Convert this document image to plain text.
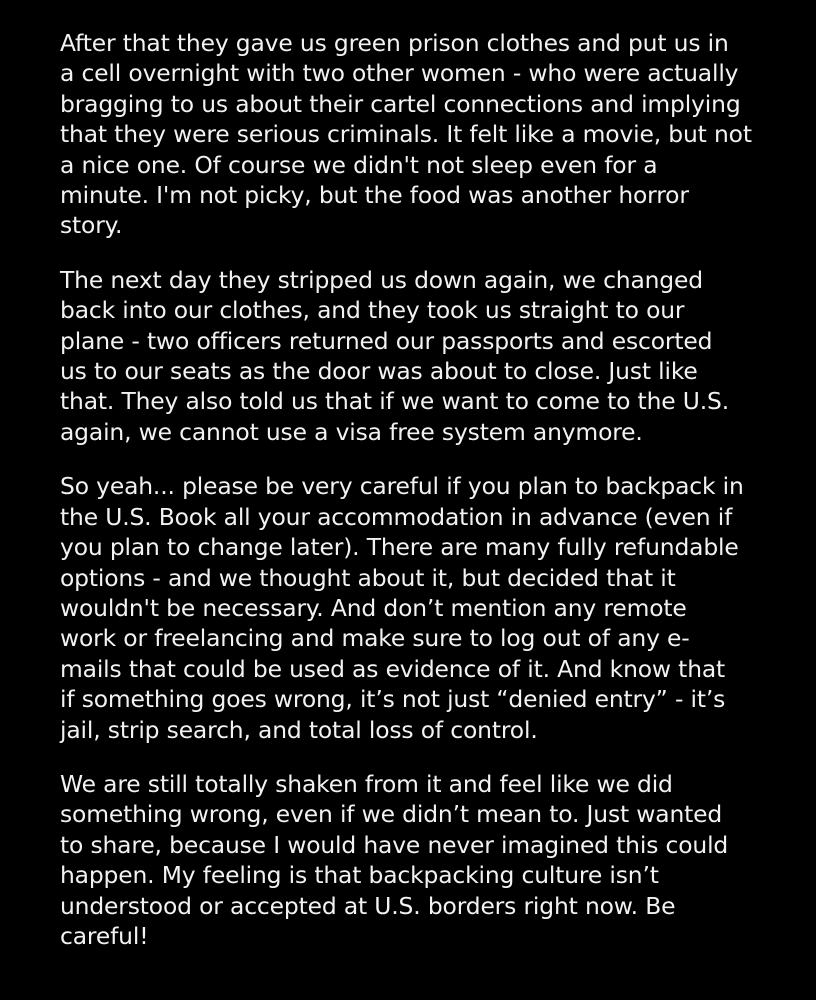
After that they gave us green prison clothes and put us in
a cell overnight with two other women - who were actually
bragging to us about their cartel connections and implying
that they were serious criminals. It felt like a movie, but not
a nice one. Of course we didn't not sleep even for a
minute. I'm not picky, but the food was another horror
story.
The next day they stripped us down again, we changed
back into our clothes, and they took us straight to our
plane - two officers returned our passports and escorted
us to our seats as the door was about to close. Just like
that. They also told us that if we want to come to the U.S.
again, we cannot use a visa free system anymore.
So yeah... please be very careful if you plan to backpack in
the U.S. Book all your accommodation in advance (even if
you plan to change later). There are many fully refundable
options - and we thought about it, but decided that it
wouldn't be necessary. And don’t mention any remote
work or freelancing and make sure to log out of any e-
mails that could be used as evidence of it. And know that
if something goes wrong, it’s not just “denied entry” - it’s
jail, strip search, and total loss of control.
We are still totally shaken from it and feel like we did
something wrong, even if we didn’t mean to. Just wanted
to share, because I would have never imagined this could
happen. My feeling is that backpacking culture isn’t
understood or accepted at U.S. borders right now. Be
careful!
